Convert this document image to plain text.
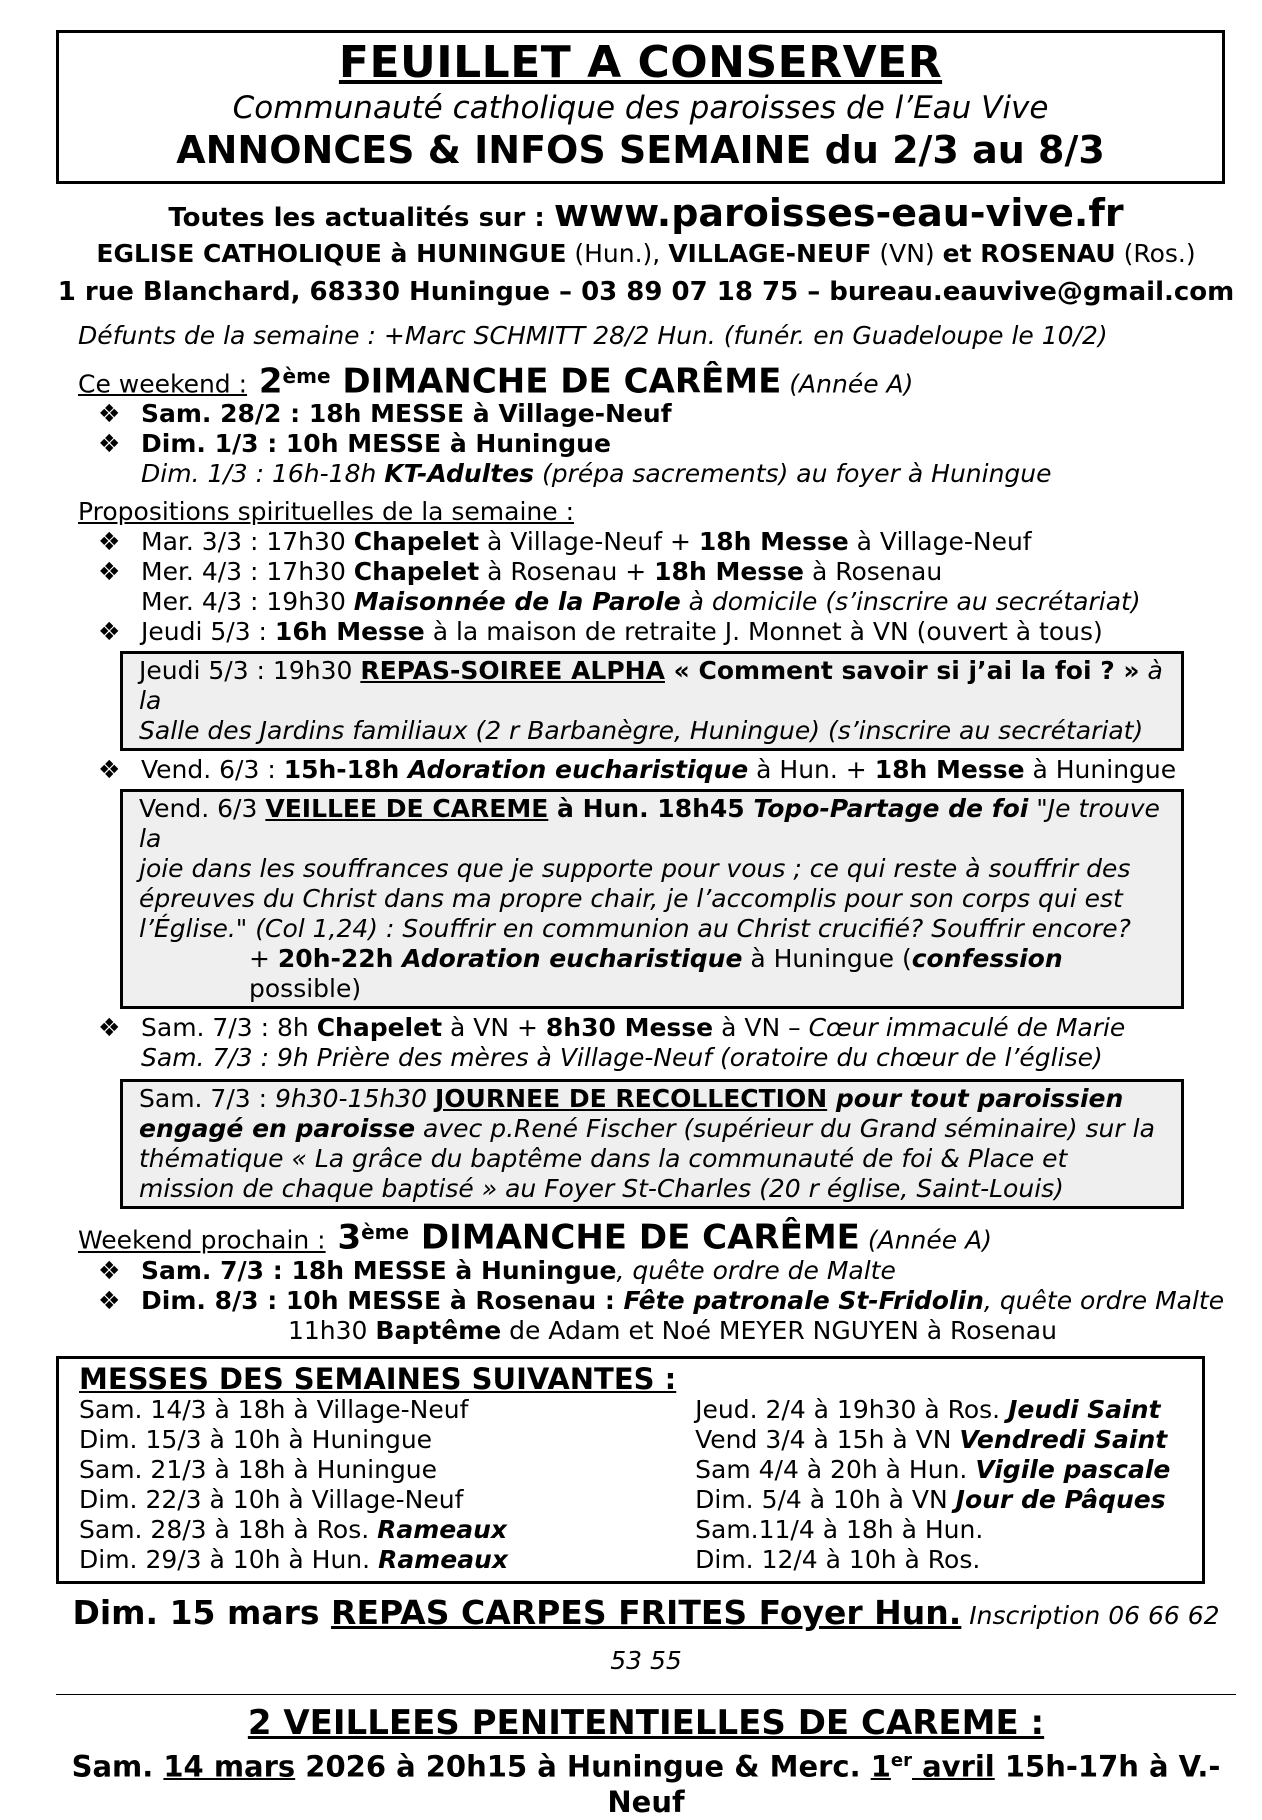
FEUILLET A CONSERVER
Communauté catholique des paroisses de l’Eau Vive
ANNONCES & INFOS SEMAINE du 2/3 au 8/3
Toutes les actualités sur : www.paroisses-eau-vive.fr
EGLISE CATHOLIQUE à HUNINGUE (Hun.), VILLAGE-NEUF (VN) et ROSENAU (Ros.)
1 rue Blanchard, 68330 Huningue – 03 89 07 18 75 – bureau.eauvive@gmail.com
Défunts de la semaine : +Marc SCHMITT 28/2 Hun. (funér. en Guadeloupe le 10/2)
Ce weekend : 2ème DIMANCHE DE CARÊME (Année A)
❖ Sam. 28/2 : 18h MESSE à Village-Neuf
❖ Dim. 1/3 : 10h MESSE à Huningue
Dim. 1/3 : 16h-18h KT-Adultes (prépa sacrements) au foyer à Huningue
Propositions spirituelles de la semaine :
❖ Mar. 3/3 : 17h30 Chapelet à Village-Neuf + 18h Messe à Village-Neuf
❖ Mer. 4/3 : 17h30 Chapelet à Rosenau + 18h Messe à Rosenau
Mer. 4/3 : 19h30 Maisonnée de la Parole à domicile (s’inscrire au secrétariat)
❖ Jeudi 5/3 : 16h Messe à la maison de retraite J. Monnet à VN (ouvert à tous)
Jeudi 5/3 : 19h30 REPAS-SOIREE ALPHA « Comment savoir si j’ai la foi ? » à la
Salle des Jardins familiaux (2 r Barbanègre, Huningue) (s’inscrire au secrétariat)
❖ Vend. 6/3 : 15h-18h Adoration eucharistique à Hun. + 18h Messe à Huningue
Vend. 6/3 VEILLEE DE CAREME à Hun. 18h45 Topo-Partage de foi "Je trouve la
joie dans les souffrances que je supporte pour vous ; ce qui reste à souffrir des
épreuves du Christ dans ma propre chair, je l’accomplis pour son corps qui est
l’Église." (Col 1,24) : Souffrir en communion au Christ crucifié? Souffrir encore?
+ 20h-22h Adoration eucharistique à Huningue (confession possible)
❖ Sam. 7/3 : 8h Chapelet à VN + 8h30 Messe à VN – Cœur immaculé de Marie
Sam. 7/3 : 9h Prière des mères à Village-Neuf (oratoire du chœur de l’église)
Sam. 7/3 : 9h30-15h30 JOURNEE DE RECOLLECTION pour tout paroissien
engagé en paroisse avec p.René Fischer (supérieur du Grand séminaire) sur la
thématique « La grâce du baptême dans la communauté de foi & Place et
mission de chaque baptisé » au Foyer St-Charles (20 r église, Saint-Louis)
Weekend prochain : 3ème DIMANCHE DE CARÊME (Année A)
❖ Sam. 7/3 : 18h MESSE à Huningue, quête ordre de Malte
❖ Dim. 8/3 : 10h MESSE à Rosenau : Fête patronale St-Fridolin, quête ordre Malte
11h30 Baptême de Adam et Noé MEYER NGUYEN à Rosenau
MESSES DES SEMAINES SUIVANTES :
Sam. 14/3 à 18h à Village-Neuf
Dim. 15/3 à 10h à Huningue
Sam. 21/3 à 18h à Huningue
Dim. 22/3 à 10h à Village-Neuf
Sam. 28/3 à 18h à Ros. Rameaux
Dim. 29/3 à 10h à Hun. Rameaux
Jeud. 2/4 à 19h30 à Ros. Jeudi Saint
Vend 3/4 à 15h à VN Vendredi Saint
Sam 4/4 à 20h à Hun. Vigile pascale
Dim. 5/4 à 10h à VN Jour de Pâques
Sam.11/4 à 18h à Hun.
Dim. 12/4 à 10h à Ros.
Dim. 15 mars REPAS CARPES FRITES Foyer Hun. Inscription 06 66 62 53 55
2 VEILLEES PENITENTIELLES DE CAREME :
Sam. 14 mars 2026 à 20h15 à Huningue & Merc. 1er avril 15h-17h à V.-Neuf
